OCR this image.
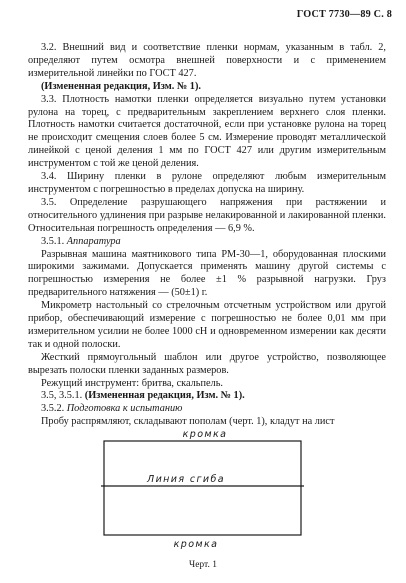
ГОСТ 7730—89 С. 8

3.2. Внешний вид и соответствие пленки нормам, указанным в табл. 2, определяют путем осмотра внешней поверхности и с применением измерительной линейки по ГОСТ 427.

(Измененная редакция, Изм. № 1).

3.3. Плотность намотки пленки определяется визуально путем установки рулона на торец, с предварительным закреплением верхнего слоя пленки. Плотность намотки считается достаточной, если при установке рулона на торец не происходит смещения слоев более 5 см. Измерение проводят металлической линейкой с ценой деления 1 мм по ГОСТ 427 или другим измерительным инструментом с той же ценой деления.

3.4. Ширину пленки в рулоне определяют любым измерительным инструментом с погрешностью в пределах допуска на ширину.

3.5. Определение разрушающего напряжения при растяжении и относительного удлинения при разрыве нелакированной и лакированной пленки. Относительная погрешность определения — 6,9 %.

3.5.1. Аппаратура

Разрывная машина маятникового типа РМ-30—1, оборудованная плоскими широкими зажимами. Допускается применять машину другой системы с погрешностью измерения не более ±1 % разрывной нагрузки. Груз предварительного натяжения — (50±1) г.

Микрометр настольный со стрелочным отсчетным устройством или другой прибор, обеспечивающий измерение с погрешностью не более 0,01 мм при измерительном усилии не более 1000 сН и одновременном измерении как десяти так и одной полоски.

Жесткий прямоугольный шаблон или другое устройство, позволяющее вырезать полоски пленки заданных размеров.

Режущий инструмент: бритва, скальпель.

3.5, 3.5.1. (Измененная редакция, Изм. № 1).

3.5.2. Подготовка к испытанию

Пробу распрямляют, складывают пополам (черт. 1), кладут на лист

кромка
Линия сгиба
кромка
Черт. 1
